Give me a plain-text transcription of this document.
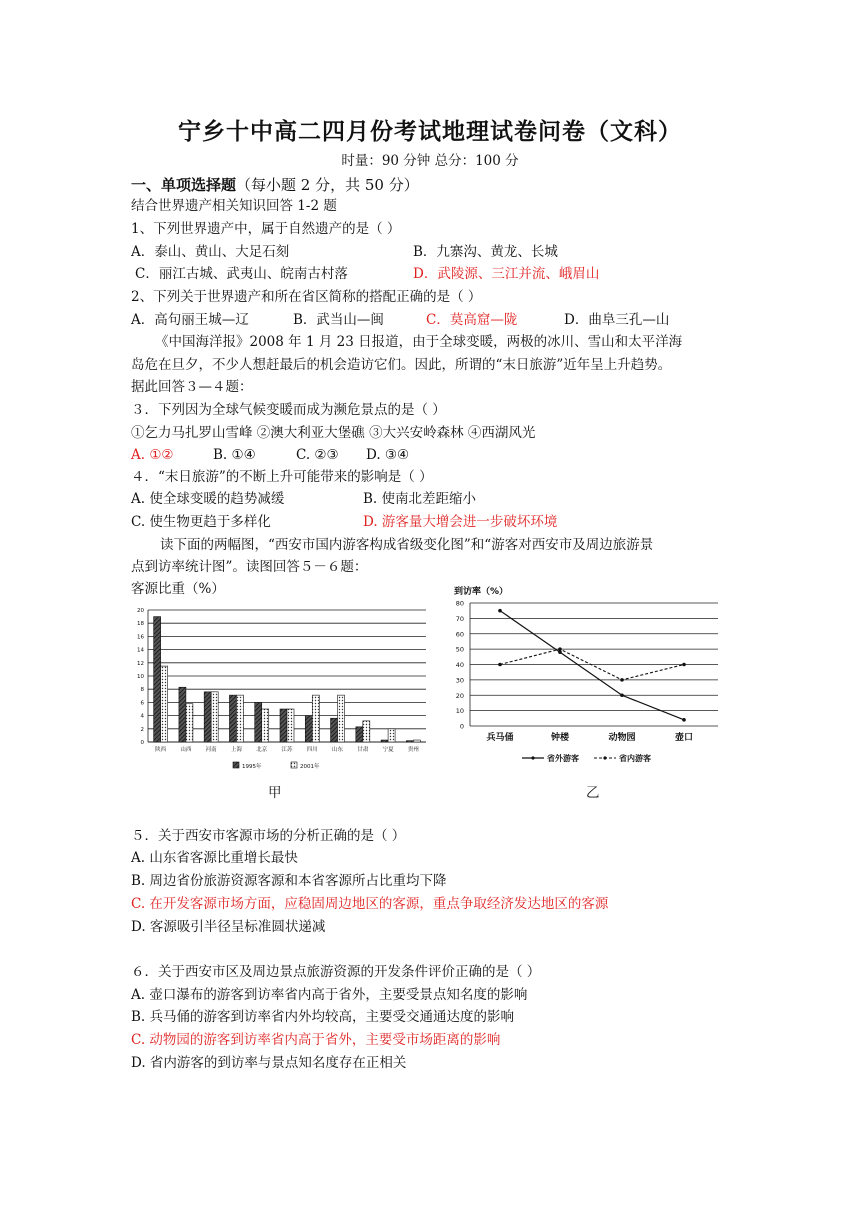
宁乡十中高二四月份考试地理试卷问卷（文科）
时量：90 分钟 总分：100 分
一、单项选择题（每小题 2 分，共 50 分）
结合世界遗产相关知识回答 1-2 题
1、下列世界遗产中，属于自然遗产的是（ ）
A．泰山、黄山、大足石刻	B．九寨沟、黄龙、长城
C．丽江古城、武夷山、皖南古村落	D．武陵源、三江并流、峨眉山
2、下列关于世界遗产和所在省区简称的搭配正确的是（ ）
A．高句丽王城—辽	B．武当山—闽	C．莫高窟—陇	D．曲阜三孔—山
《中国海洋报》2008 年 1 月 23 日报道，由于全球变暖，两极的冰川、雪山和太平洋海
岛危在旦夕，不少人想赶最后的机会造访它们。因此，所谓的“末日旅游”近年呈上升趋势。
据此回答３—４题：
３．下列因为全球气候变暖而成为濒危景点的是（ ）
①乞力马扎罗山雪峰 ②澳大利亚大堡礁 ③大兴安岭森林 ④西湖风光
A. ①②	B. ①④	C. ②③ D. ③④
４．“末日旅游”的不断上升可能带来的影响是（ ）
A. 使全球变暖的趋势减缓	B. 使南北差距缩小
C. 使生物更趋于多样化	D. 游客量大增会进一步破坏环境
读下面的两幅图，“西安市国内游客构成省级变化图”和“游客对西安市及周边旅游景
点到访率统计图”。读图回答５－６题：
客源比重（%）
0
2
4
6
8
10
12
14
16
18
20
陕西	山西	河南	上海	北京	江苏	四川	山东	甘肃	宁夏	贵州
1995年	2001年
甲
到访率（%）
0
10
20
30
40
50
60
70
80
兵马俑	钟楼	动物园	壶口
省外游客	省内游客
乙
５．关于西安市客源市场的分析正确的是（ ）
A. 山东省客源比重增长最快
B. 周边省份旅游资源客源和本省客源所占比重均下降
C. 在开发客源市场方面，应稳固周边地区的客源，重点争取经济发达地区的客源
D. 客源吸引半径呈标准圆状递减
６．关于西安市区及周边景点旅游资源的开发条件评价正确的是（ ）
A. 壶口瀑布的游客到访率省内高于省外，主要受景点知名度的影响
B. 兵马俑的游客到访率省内外均较高，主要受交通通达度的影响
C. 动物园的游客到访率省内高于省外，主要受市场距离的影响
D. 省内游客的到访率与景点知名度存在正相关
